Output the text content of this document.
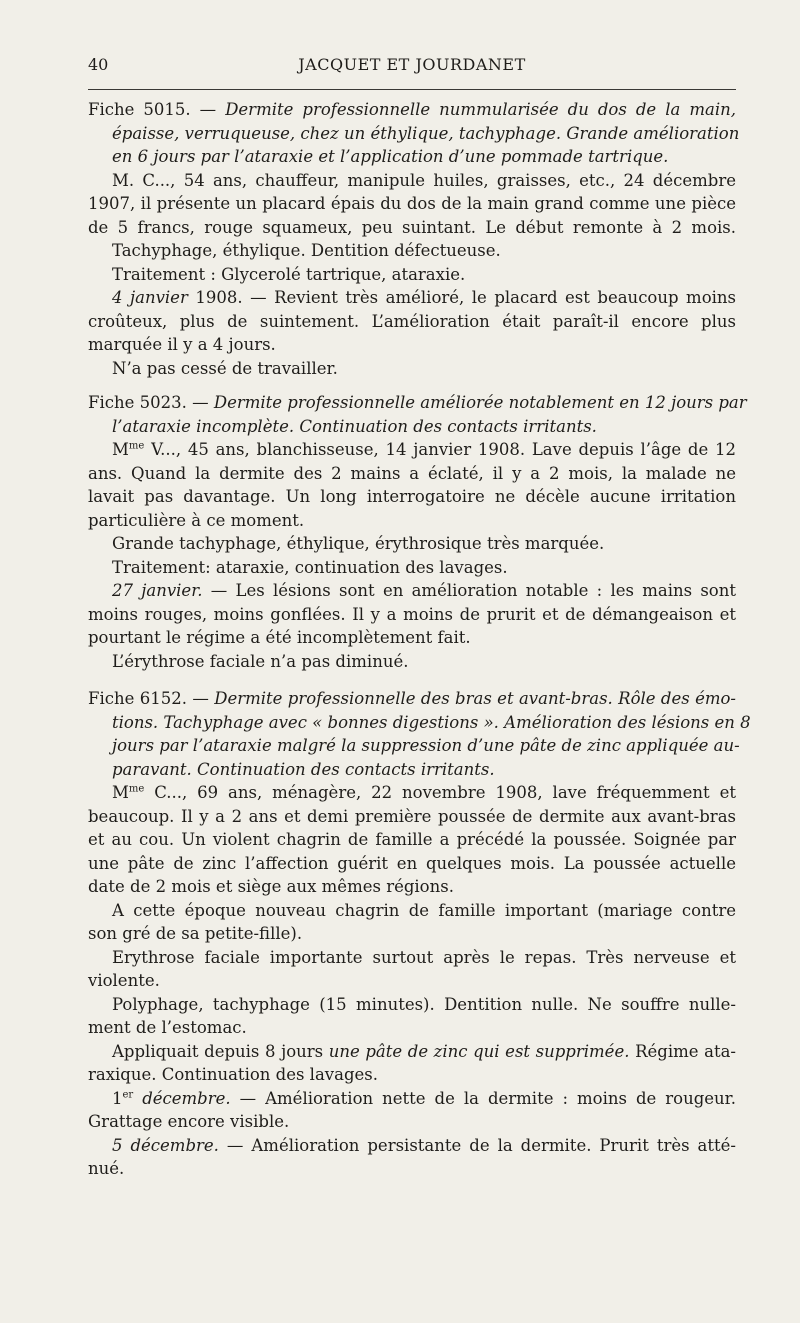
40	JACQUET ET JOURDANET
Fiche 5015. — Dermite professionnelle nummularisée du dos de la main,
épaisse, verruqueuse, chez un éthylique, tachyphage. Grande amélioration
en 6 jours par l’ataraxie et l’application d’une pommade tartrique.
M. C..., 54 ans, chauffeur, manipule huiles, graisses, etc., 24 décembre
1907, il présente un placard épais du dos de la main grand comme une pièce
de 5 francs, rouge squameux, peu suintant. Le début remonte à 2 mois.
Tachyphage, éthylique. Dentition défectueuse.
Traitement : Glycerolé tartrique, ataraxie.
4 janvier 1908. — Revient très amélioré, le placard est beaucoup moins
croûteux, plus de suintement. L’amélioration était paraît-il encore plus
marquée il y a 4 jours.
N’a pas cessé de travailler.
Fiche 5023. — Dermite professionnelle améliorée notablement en 12 jours par
l’ataraxie incomplète. Continuation des contacts irritants.
$M^{me}$ V..., 45 ans, blanchisseuse, 14 janvier 1908. Lave depuis l’âge de 12
ans. Quand la dermite des 2 mains a éclaté, il y a 2 mois, la malade ne
lavait pas davantage. Un long interrogatoire ne décèle aucune irritation
particulière à ce moment.
Grande tachyphage, éthylique, érythrosique très marquée.
Traitement: ataraxie, continuation des lavages.
27 janvier. — Les lésions sont en amélioration notable : les mains sont
moins rouges, moins gonflées. Il y a moins de prurit et de démangeaison et
pourtant le régime a été incomplètement fait.
L’érythrose faciale n’a pas diminué.
Fiche 6152. — Dermite professionnelle des bras et avant-bras. Rôle des émo-
tions. Tachyphage avec « bonnes digestions ». Amélioration des lésions en 8
jours par l’ataraxie malgré la suppression d’une pâte de zinc appliquée au-
paravant. Continuation des contacts irritants.
$M^{me}$ C..., 69 ans, ménagère, 22 novembre 1908, lave fréquemment et
beaucoup. Il y a 2 ans et demi première poussée de dermite aux avant-bras
et au cou. Un violent chagrin de famille a précédé la poussée. Soignée par
une pâte de zinc l’affection guérit en quelques mois. La poussée actuelle
date de 2 mois et siège aux mêmes régions.
A cette époque nouveau chagrin de famille important (mariage contre
son gré de sa petite-fille).
Erythrose faciale importante surtout après le repas. Très nerveuse et
violente.
Polyphage, tachyphage (15 minutes). Dentition nulle. Ne souffre nulle-
ment de l’estomac.
Appliquait depuis 8 jours une pâte de zinc qui est supprimée. Régime ata-
raxique. Continuation des lavages.
1er décembre. — Amélioration nette de la dermite : moins de rougeur.
Grattage encore visible.
5 décembre. — Amélioration persistante de la dermite. Prurit très atté-
nué.
